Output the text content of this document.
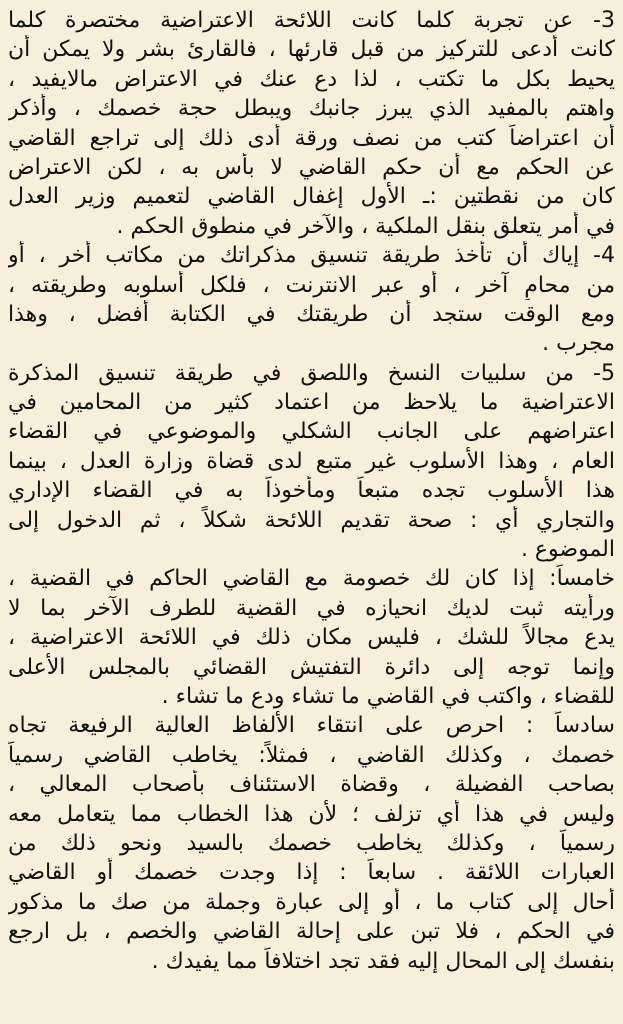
3- عن تجربة كلما كانت اللائحة الاعتراضية مختصرة كلما
كانت أدعى للتركيز من قبل قارئها ، فالقارئ بشر ولا يمكن أن
يحيط بكل ما تكتب ، لذا دع عنك في الاعتراض مالايفيد ،
واهتم بالمفيد الذي يبرز جانبك ويبطل حجة خصمك ، وأذكر
أن اعتراضاً كتب من نصف ورقة أدى ذلك إلى تراجع القاضي
عن الحكم مع أن حكم القاضي لا بأس به ، لكن الاعتراض
كان من نقطتين :ـ الأول إغفال القاضي لتعميم وزير العدل
في أمر يتعلق بنقل الملكية ، والآخر في منطوق الحكم .
4- إياك أن تأخذ طريقة تنسيق مذكراتك من مكاتب أخر ، أو
من محامٍ آخر ، أو عبر الانترنت ، فلكل أسلوبه وطريقته ،
ومع الوقت ستجد أن طريقتك في الكتابة أفضل ، وهذا
مجرب .
5- من سلبيات النسخ واللصق في طريقة تنسيق المذكرة
الاعتراضية ما يلاحظ من اعتماد كثير من المحامين في
اعتراضهم على الجانب الشكلي والموضوعي في القضاء
العام ، وهذا الأسلوب غير متبع لدى قضاة وزارة العدل ، بينما
هذا الأسلوب تجده متبعاً ومأخوذاً به في القضاء الإداري
والتجاري أي : صحة تقديم اللائحة شكلاً ، ثم الدخول إلى
الموضوع .
خامساً: إذا كان لك خصومة مع القاضي الحاكم في القضية ،
ورأيته ثبت لديك انحيازه في القضية للطرف الآخر بما لا
يدع مجالاً للشك ، فليس مكان ذلك في اللائحة الاعتراضية ،
وإنما توجه إلى دائرة التفتيش القضائي بالمجلس الأعلى
للقضاء ، واكتب في القاضي ما تشاء ودع ما تشاء .
سادساً : احرص على انتقاء الألفاظ العالية الرفيعة تجاه
خصمك ، وكذلك القاضي ، فمثلاً: يخاطب القاضي رسمياً
بصاحب الفضيلة ، وقضاة الاستئناف بأصحاب المعالي ،
وليس في هذا أي تزلف ؛ لأن هذا الخطاب مما يتعامل معه
رسمياً ، وكذلك يخاطب خصمك بالسيد ونحو ذلك من
العبارات اللائقة . سابعاً : إذا وجدت خصمك أو القاضي
أحال إلى كتاب ما ، أو إلى عبارة وجملة من صك ما مذكور
في الحكم ، فلا تبن على إحالة القاضي والخصم ، بل ارجع
بنفسك إلى المحال إليه فقد تجد اختلافاً مما يفيدك .
